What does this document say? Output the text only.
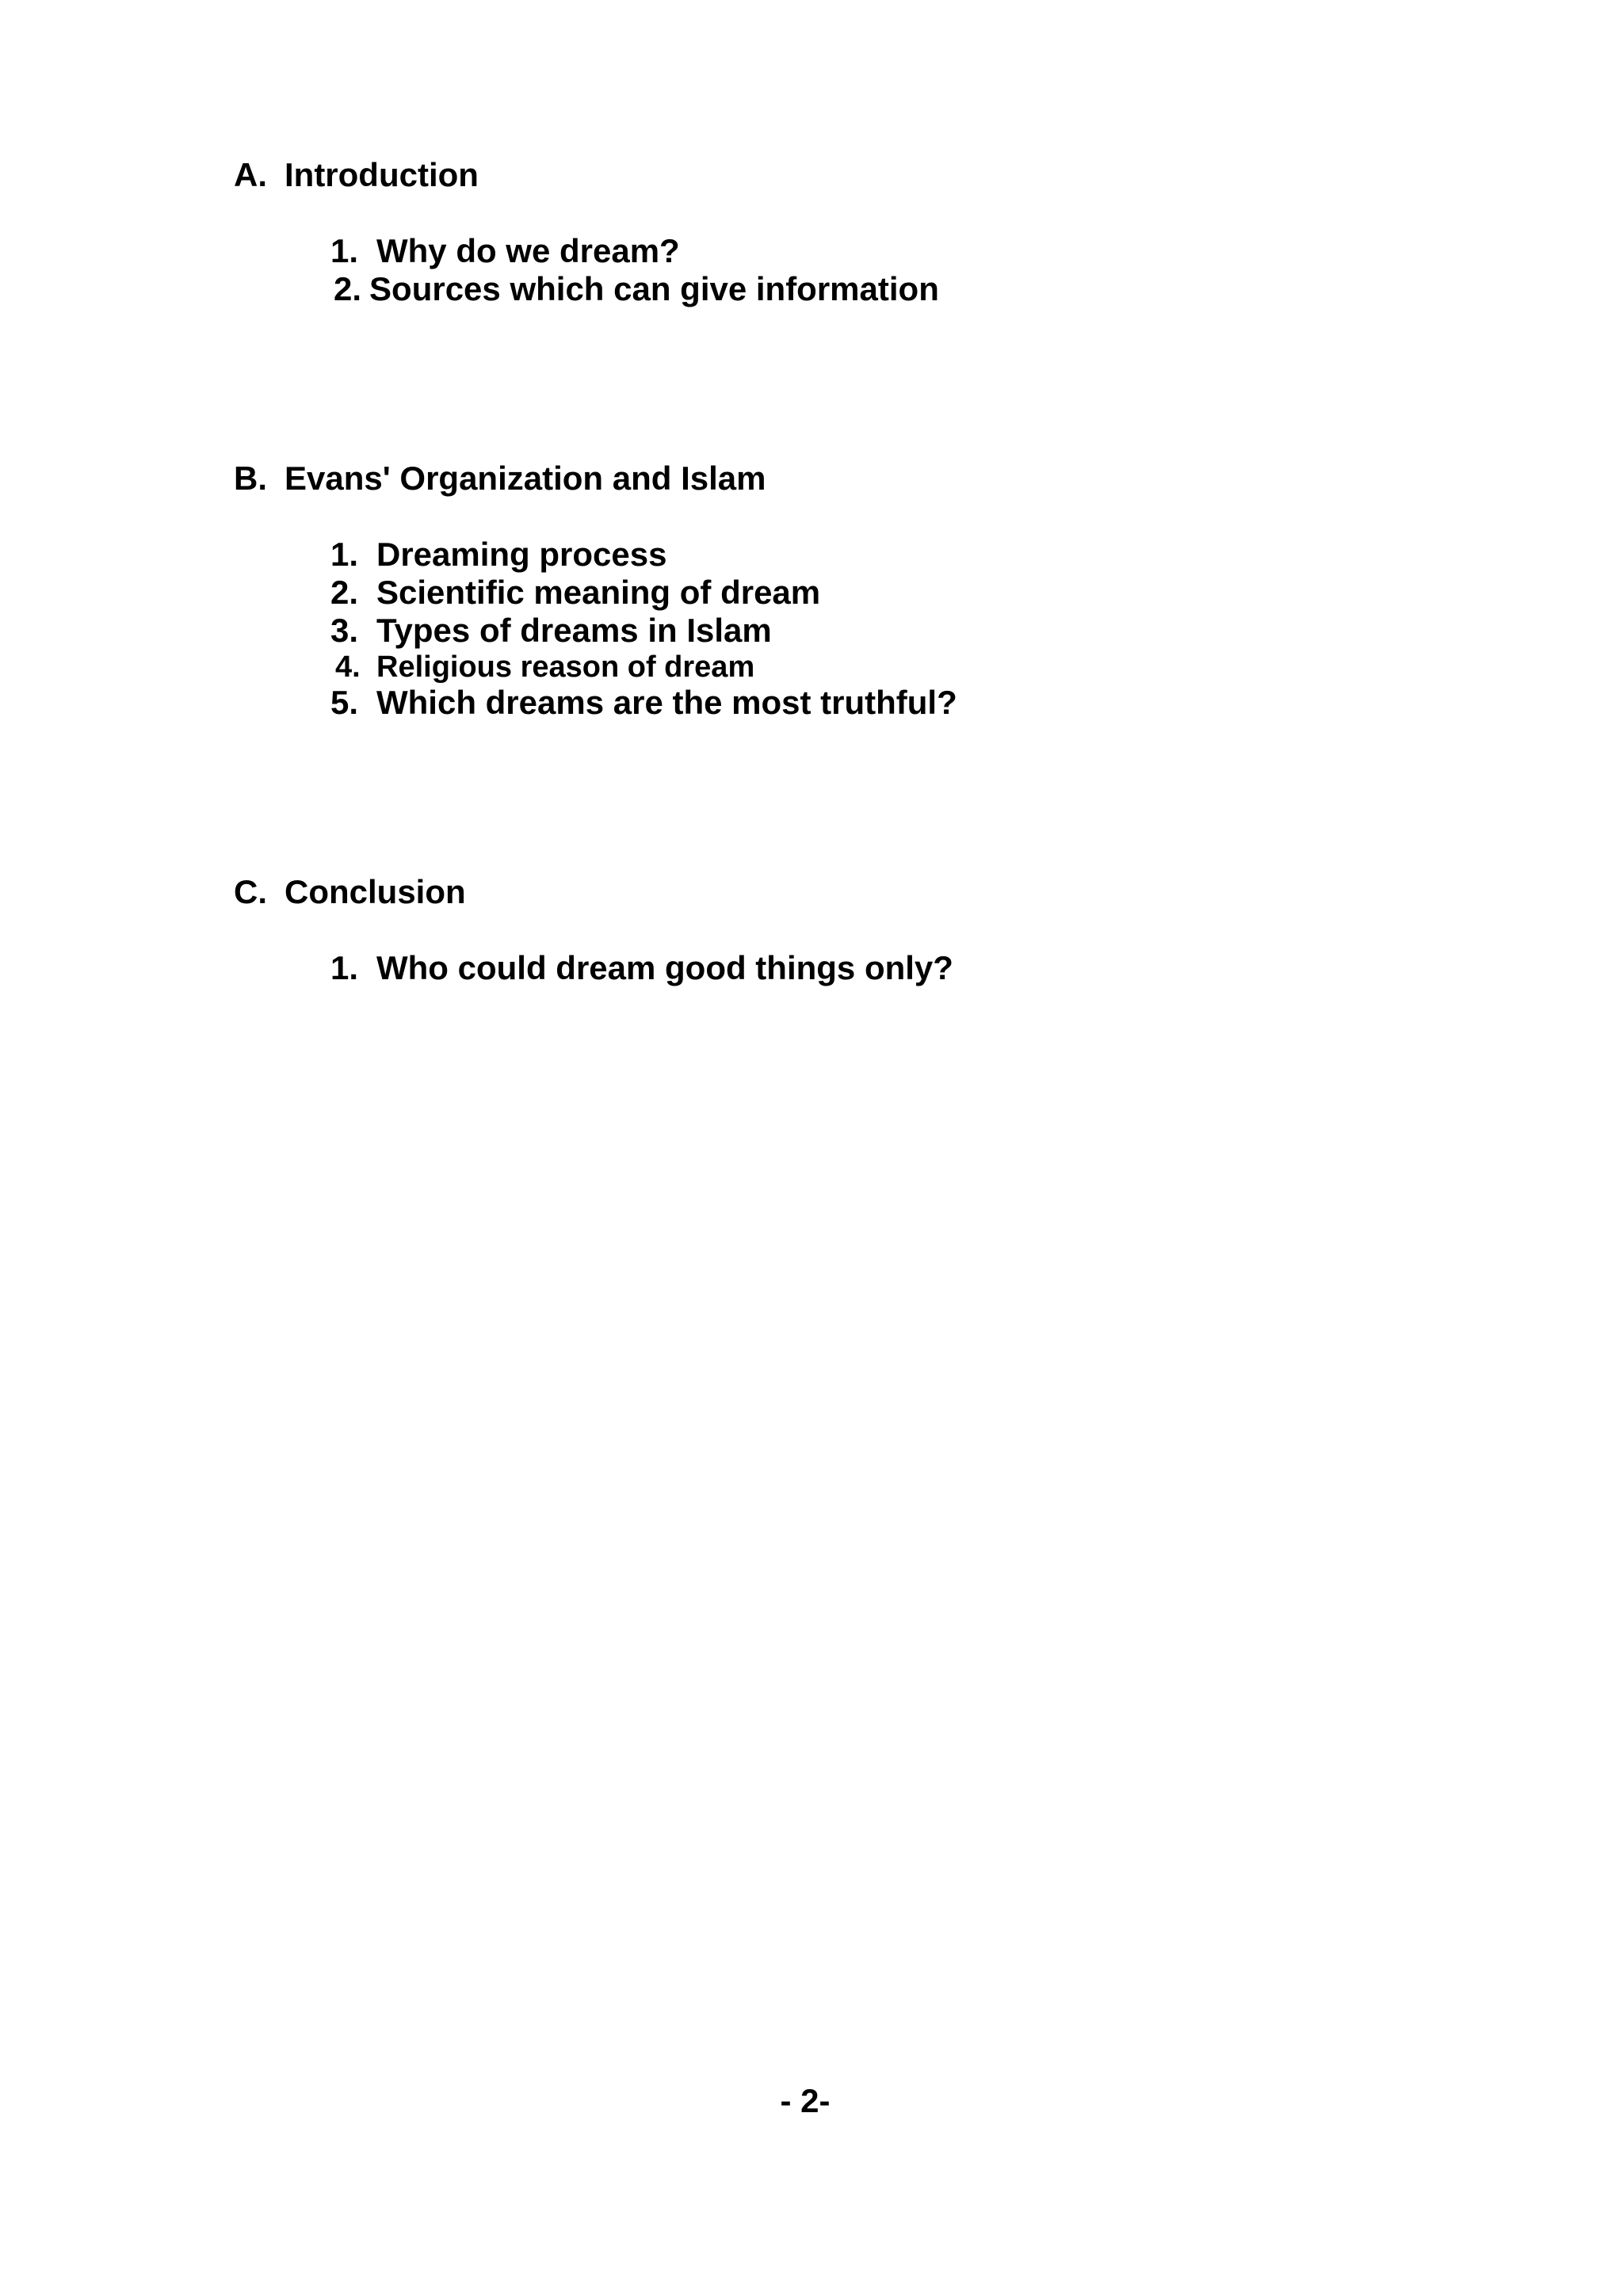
A. Introduction
1. Why do we dream?
2. Sources which can give information
B. Evans' Organization and Islam
1. Dreaming process
2. Scientific meaning of dream
3. Types of dreams in Islam
4. Religious reason of dream
5. Which dreams are the most truthful?
C. Conclusion
1. Who could dream good things only?
- 2-
